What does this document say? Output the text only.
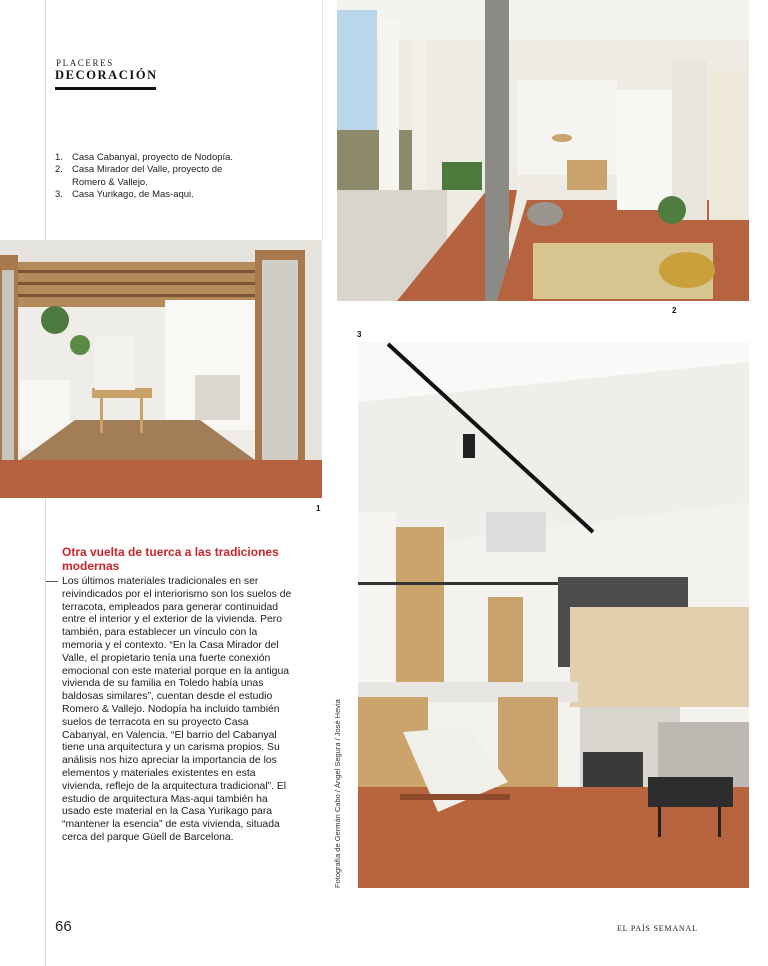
PLACERES
DECORACIÓN
1. Casa Cabanyal, proyecto de Nodopía.
2. Casa Mirador del Valle, proyecto de Romero & Vallejo.
3. Casa Yurikago, de Mas-aqui.
2
1
3
Fotografía de Germán Cabo / Ángel Segura / José Hevia
Otra vuelta de tuerca a las tradiciones modernas

Los últimos materiales tradicionales en ser reivindicados por el interiorismo son los suelos de terracota, empleados para generar continuidad entre el interior y el exterior de la vivienda. Pero también, para establecer un vínculo con la memoria y el contexto. “En la Casa Mirador del Valle, el propietario tenía una fuerte conexión emocional con este material porque en la antigua vivienda de su familia en Toledo había unas baldosas similares”, cuentan desde el estudio Romero & Vallejo. Nodopía ha incluido también suelos de terracota en su proyecto Casa Cabanyal, en Valencia. “El barrio del Cabanyal tiene una arquitectura y un carisma propios. Su análisis nos hizo apreciar la importancia de los elementos y materiales existentes en esta vivienda, reflejo de la arquitectura tradicional”. El estudio de arquitectura Mas-aqui también ha usado este material en la Casa Yurikago para “mantener la esencia” de esta vivienda, situada cerca del parque Güell de Barcelona.

66	EL PAÍS SEMANAL
